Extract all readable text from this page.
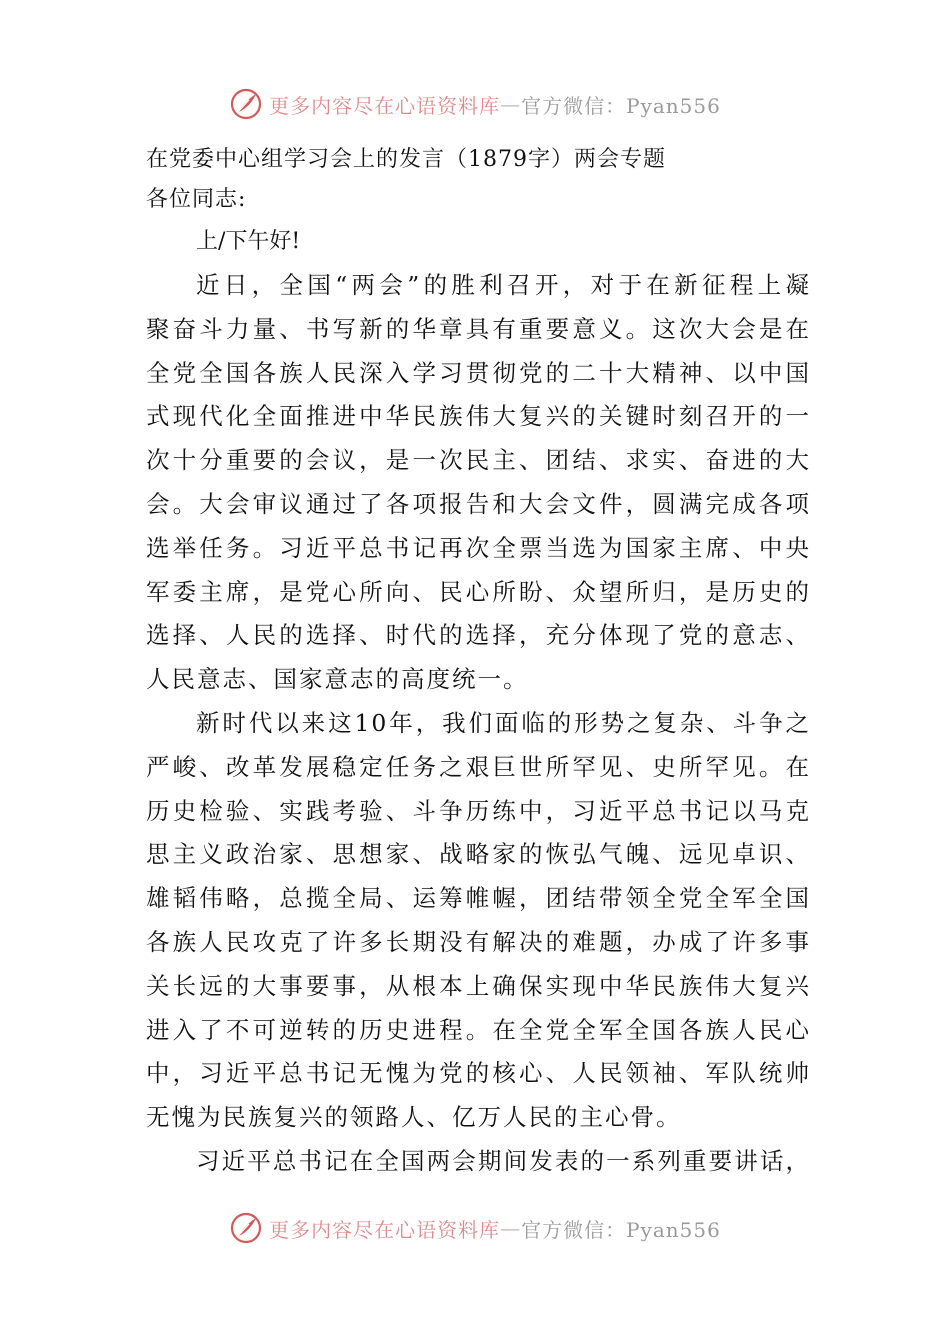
更多内容尽在心语资料库 — 官方微信：Pyan556
在党委中心组学习会上的发言（1879字）两会专题
各位同志:
上/下午好!
近日，全国“两会”的胜利召开，对于在新征程上凝
聚奋斗力量、书写新的华章具有重要意义。这次大会是在
全党全国各族人民深入学习贯彻党的二十大精神、以中国
式现代化全面推进中华民族伟大复兴的关键时刻召开的一
次十分重要的会议，是一次民主、团结、求实、奋进的大
会。大会审议通过了各项报告和大会文件，圆满完成各项
选举任务。习近平总书记再次全票当选为国家主席、中央
军委主席，是党心所向、民心所盼、众望所归，是历史的
选择、人民的选择、时代的选择，充分体现了党的意志、
人民意志、国家意志的高度统一。
新时代以来这10年，我们面临的形势之复杂、斗争之
严峻、改革发展稳定任务之艰巨世所罕见、史所罕见。在
历史检验、实践考验、斗争历练中，习近平总书记以马克
思主义政治家、思想家、战略家的恢弘气魄、远见卓识、
雄韬伟略，总揽全局、运筹帷幄，团结带领全党全军全国
各族人民攻克了许多长期没有解决的难题，办成了许多事
关长远的大事要事，从根本上确保实现中华民族伟大复兴
进入了不可逆转的历史进程。在全党全军全国各族人民心
中，习近平总书记无愧为党的核心、人民领袖、军队统帅
无愧为民族复兴的领路人、亿万人民的主心骨。
习近平总书记在全国两会期间发表的一系列重要讲话，
更多内容尽在心语资料库 — 官方微信：Pyan556
